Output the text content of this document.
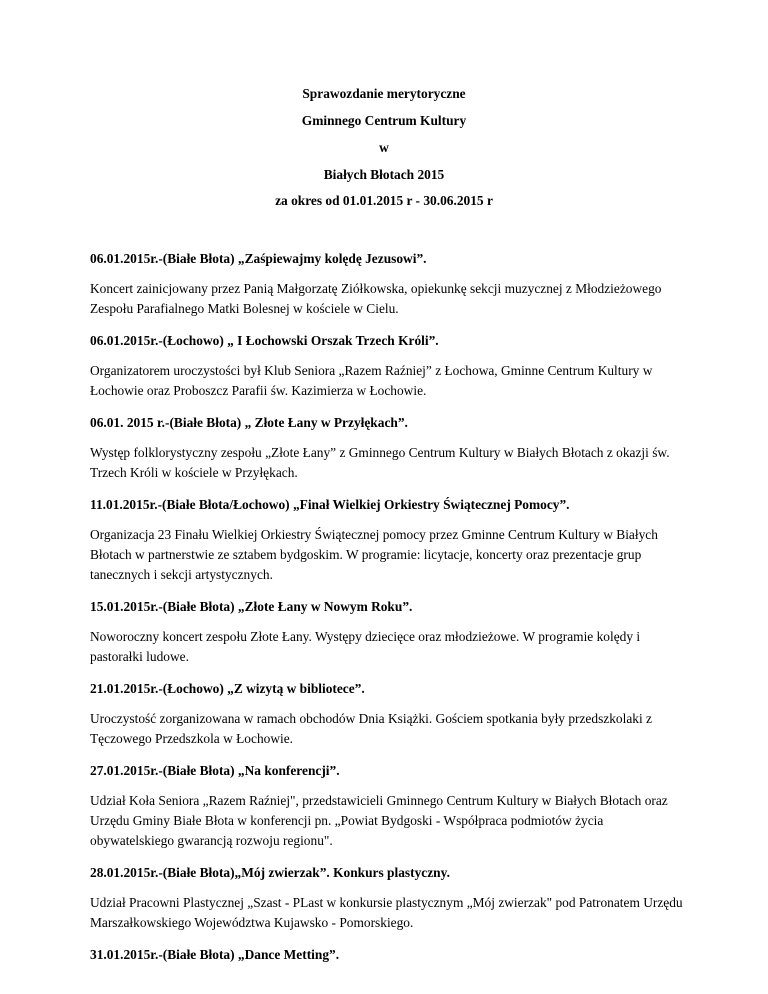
Sprawozdanie merytoryczne
Gminnego Centrum Kultury
w
Białych Błotach 2015
za okres od 01.01.2015 r - 30.06.2015 r

06.01.2015r.-(Białe Błota) „Zaśpiewajmy kolędę Jezusowi”.

Koncert zainicjowany przez Panią Małgorzatę Ziółkowska, opiekunkę sekcji muzycznej z Młodzieżowego Zespołu Parafialnego Matki Bolesnej w kościele w Cielu.

06.01.2015r.-(Łochowo) „ I Łochowski Orszak Trzech Króli”.

Organizatorem uroczystości był Klub Seniora „Razem Raźniej” z Łochowa, Gminne Centrum Kultury w Łochowie oraz Proboszcz Parafii św. Kazimierza w Łochowie.

06.01. 2015 r.-(Białe Błota) „ Złote Łany w Przyłękach”.

Występ folklorystyczny zespołu „Złote Łany” z Gminnego Centrum Kultury w Białych Błotach z okazji św. Trzech Króli w kościele w Przyłękach.

11.01.2015r.-(Białe Błota/Łochowo) „Finał Wielkiej Orkiestry Świątecznej Pomocy”.

Organizacja 23 Finału Wielkiej Orkiestry Świątecznej pomocy przez Gminne Centrum Kultury w Białych Błotach w partnerstwie ze sztabem bydgoskim. W programie: licytacje, koncerty oraz prezentacje grup tanecznych i sekcji artystycznych.

15.01.2015r.-(Białe Błota) „Złote Łany w Nowym Roku”.

Noworoczny koncert zespołu Złote Łany. Występy dziecięce oraz młodzieżowe. W programie kolędy i pastorałki ludowe.

21.01.2015r.-(Łochowo) „Z wizytą w bibliotece”.

Uroczystość zorganizowana w ramach obchodów Dnia Książki. Gościem spotkania były przedszkolaki z Tęczowego Przedszkola w Łochowie.

27.01.2015r.-(Białe Błota) „Na konferencji”.

Udział Koła Seniora „Razem Raźniej", przedstawicieli Gminnego Centrum Kultury w Białych Błotach oraz Urzędu Gminy Białe Błota w konferencji pn. „Powiat Bydgoski - Współpraca podmiotów życia obywatelskiego gwarancją rozwoju regionu".

28.01.2015r.-(Białe Błota)„Mój zwierzak”. Konkurs plastyczny.

Udział Pracowni Plastycznej „Szast - PLast w konkursie plastycznym „Mój zwierzak" pod Patronatem Urzędu Marszałkowskiego Województwa Kujawsko - Pomorskiego.

31.01.2015r.-(Białe Błota) „Dance Metting”.
